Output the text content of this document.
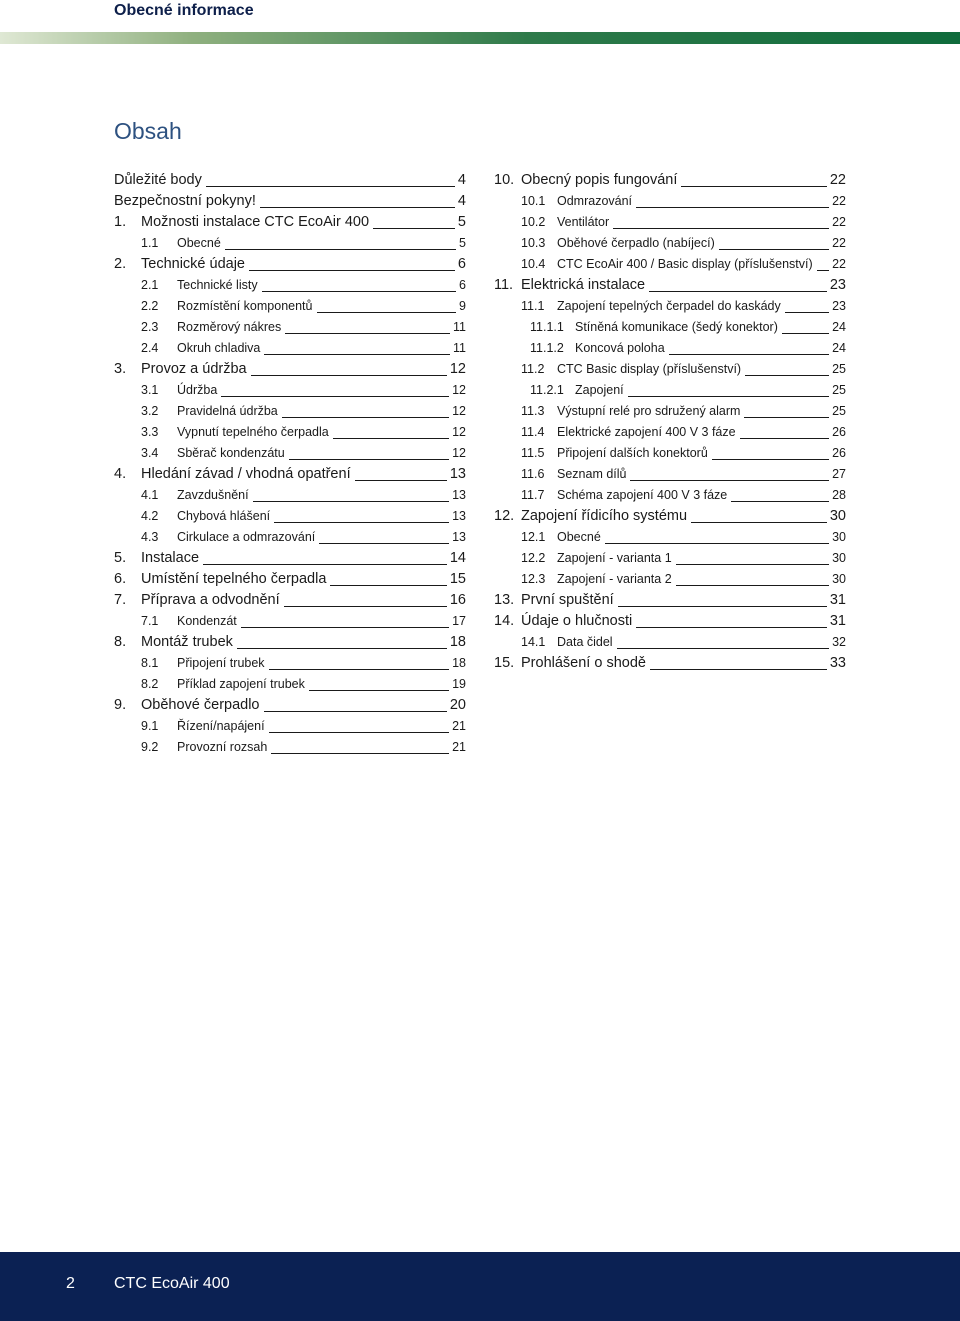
Obecné informace
Obsah
Důležité body	4
Bezpečnostní pokyny!	4
1.	Možnosti instalace CTC EcoAir 400	5
1.1	Obecné	5
2.	Technické údaje	6
2.1	Technické listy	6
2.2	Rozmístění komponentů	9
2.3	Rozměrový nákres	11
2.4	Okruh chladiva	11
3.	Provoz a údržba	12
3.1	Údržba	12
3.2	Pravidelná údržba	12
3.3	Vypnutí tepelného čerpadla	12
3.4	Sběrač kondenzátu	12
4.	Hledání závad / vhodná opatření	13
4.1	Zavzdušnění	13
4.2	Chybová hlášení	13
4.3	Cirkulace a odmrazování	13
5.	Instalace	14
6.	Umístění tepelného čerpadla	15
7.	Příprava a odvodnění	16
7.1	Kondenzát	17
8.	Montáž trubek	18
8.1	Připojení trubek	18
8.2	Příklad zapojení trubek	19
9.	Oběhové čerpadlo	20
9.1	Řízení/napájení	21
9.2	Provozní rozsah	21
10. Obecný popis fungování	22
10.1 Odmrazování	22
10.2 Ventilátor	22
10.3 Oběhové čerpadlo (nabíjecí)	22
10.4 CTC EcoAir 400 / Basic display (příslušenství) 22
11. Elektrická instalace	23
11.1	Zapojení tepelných čerpadel do kaskády	23
11.1.1 Stíněná komunikace (šedý konektor)	24
11.1.2 Koncová poloha	24
11.2	CTC Basic display (příslušenství)	25
11.2.1 Zapojení	25
11.3	Výstupní relé pro sdružený alarm	25
11.4	Elektrické zapojení 400 V 3 fáze	26
11.5	Připojení dalších konektorů	26
11.6	Seznam dílů	27
11.7	Schéma zapojení 400 V 3 fáze	28
12. Zapojení řídicího systému	30
12.1 Obecné	30
12.2 Zapojení - varianta 1	30
12.3 Zapojení - varianta 2	30
13. První spuštění	31
14. Údaje o hlučnosti	31
14.1 Data čidel	32
15. Prohlášení o shodě	33
2 CTC EcoAir 400
